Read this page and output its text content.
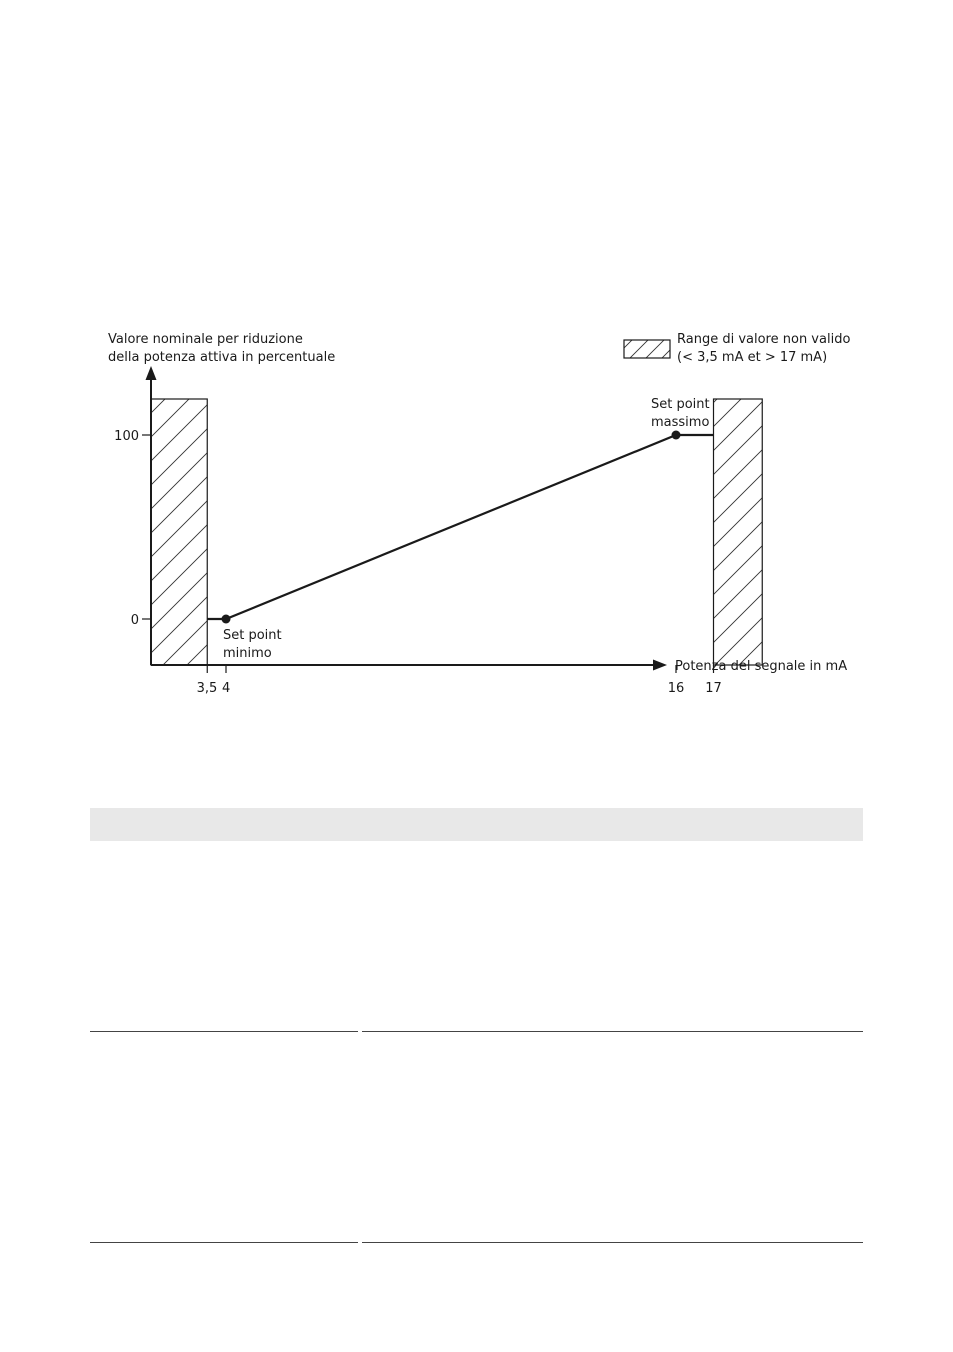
0
100
3,5 4	16 17
Set point
minimo
Set point
massimo
Valore nominale per riduzione
della potenza attiva in percentuale
Potenza del segnale in mA
Range di valore non valido
(< 3,5 mA et > 17 mA)
